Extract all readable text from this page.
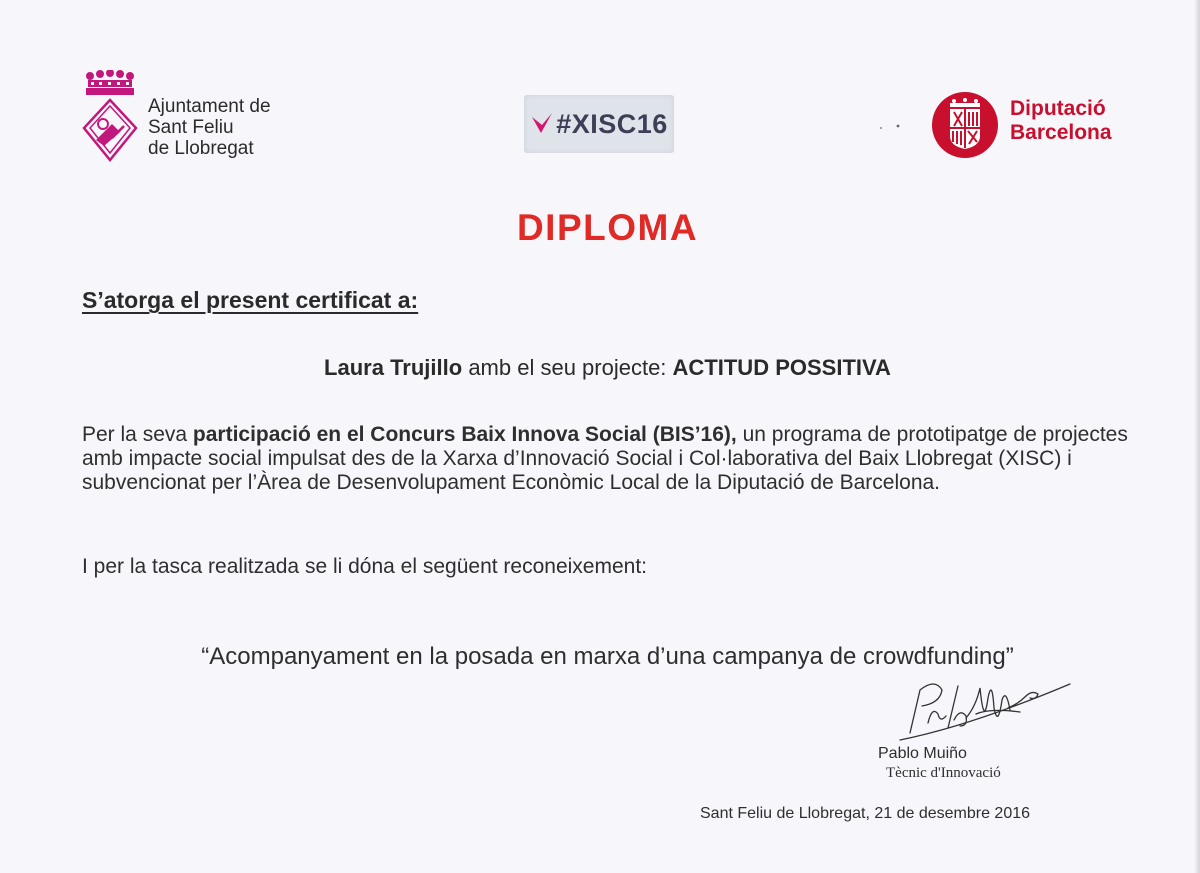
Ajuntament de
Sant Feliu
de Llobregat
#XISC16	Diputació
Barcelona
DIPLOMA
S’atorga el present certificat a:
Laura Trujillo amb el seu projecte: ACTITUD POSSITIVA
Per la seva participació en el Concurs Baix Innova Social (BIS’16), un programa de prototipatge de projectes amb impacte social impulsat des de la Xarxa d’Innovació Social i Col·laborativa del Baix Llobregat (XISC) i subvencionat per l’Àrea de Desenvolupament Econòmic Local de la Diputació de Barcelona.
I per la tasca realitzada se li dóna el següent reconeixement:
“Acompanyament en la posada en marxa d’una campanya de crowdfunding”
Pablo Muiño
Tècnic d'Innovació
Sant Feliu de Llobregat, 21 de desembre 2016
